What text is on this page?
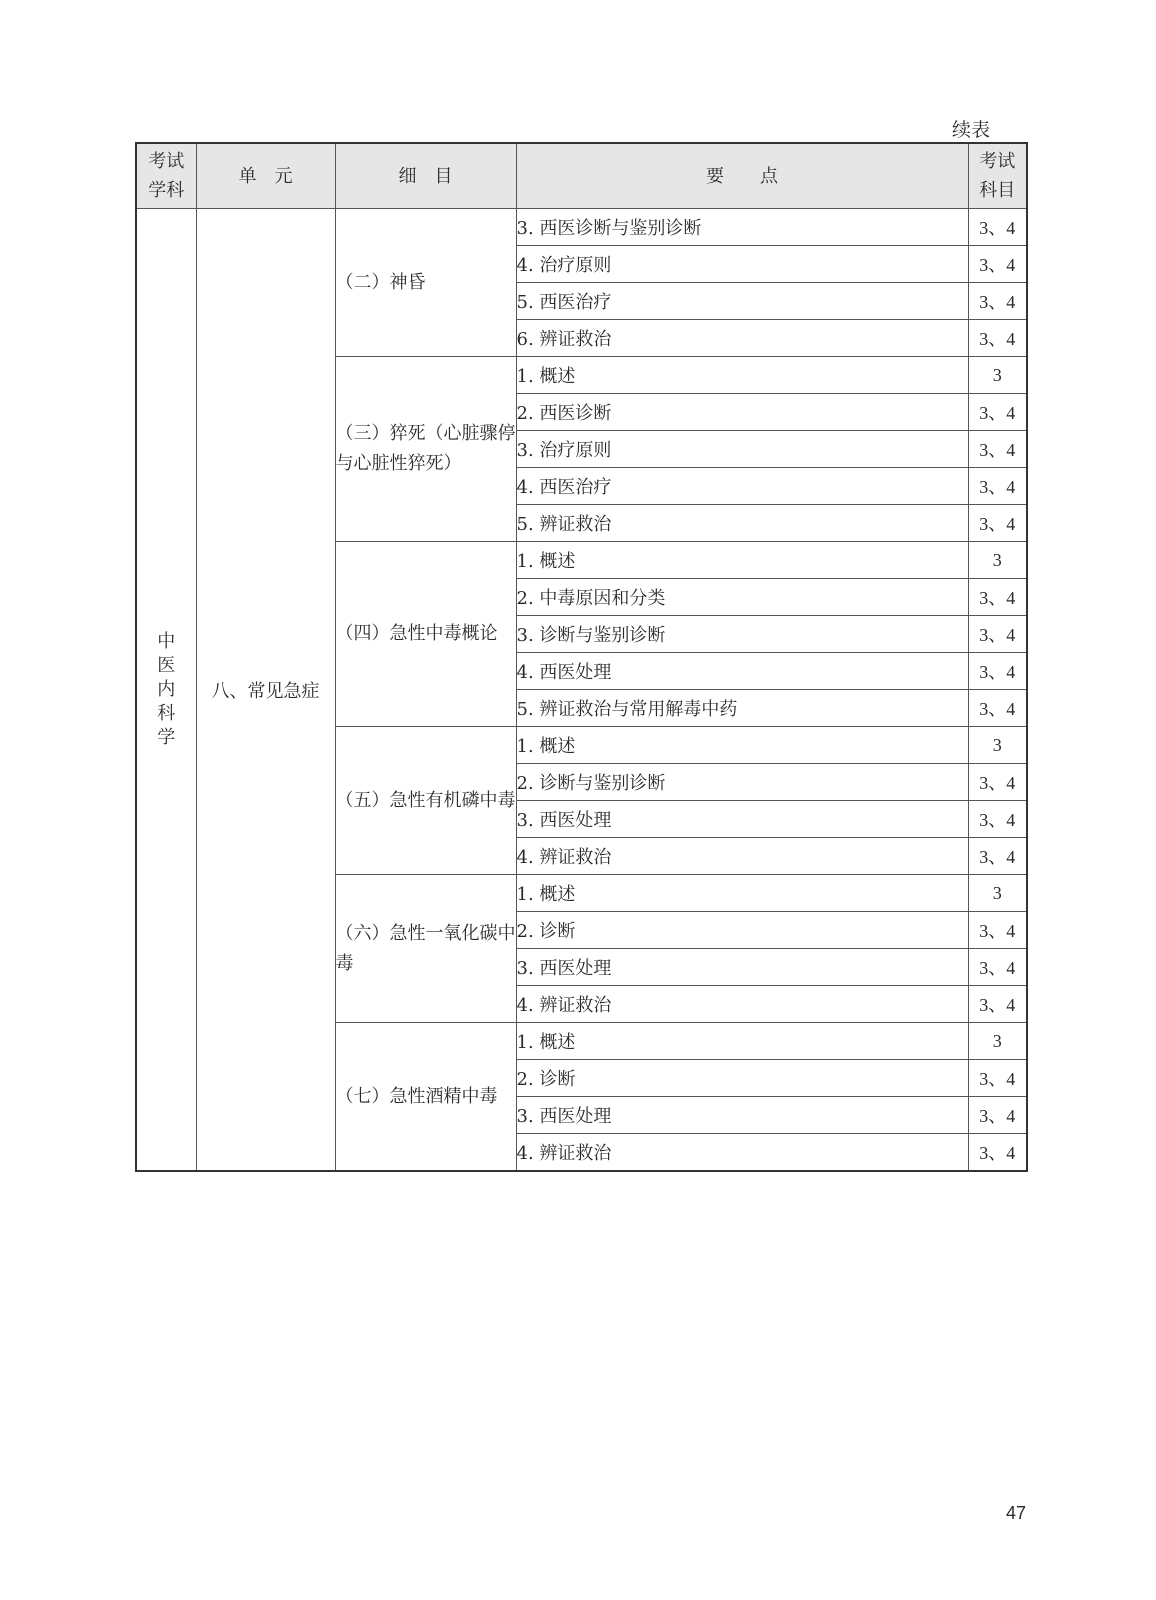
续表
考试
学科	单　元	细　目	要　　点	考试
科目
中医内科学	八、常见急症	（二）神昏	3. 西医诊断与鉴别诊断	3、4
			4. 治疗原则	3、4
			5. 西医治疗	3、4
			6. 辨证救治	3、4
		（三）猝死（心脏骤停与心脏性猝死）	1. 概述	3
			2. 西医诊断	3、4
			3. 治疗原则	3、4
			4. 西医治疗	3、4
			5. 辨证救治	3、4
		（四）急性中毒概论	1. 概述	3
			2. 中毒原因和分类	3、4
			3. 诊断与鉴别诊断	3、4
			4. 西医处理	3、4
			5. 辨证救治与常用解毒中药	3、4
		（五）急性有机磷中毒	1. 概述	3
			2. 诊断与鉴别诊断	3、4
			3. 西医处理	3、4
			4. 辨证救治	3、4
		（六）急性一氧化碳中毒	1. 概述	3
			2. 诊断	3、4
			3. 西医处理	3、4
			4. 辨证救治	3、4
		（七）急性酒精中毒	1. 概述	3
			2. 诊断	3、4
			3. 西医处理	3、4
			4. 辨证救治	3、4
47
